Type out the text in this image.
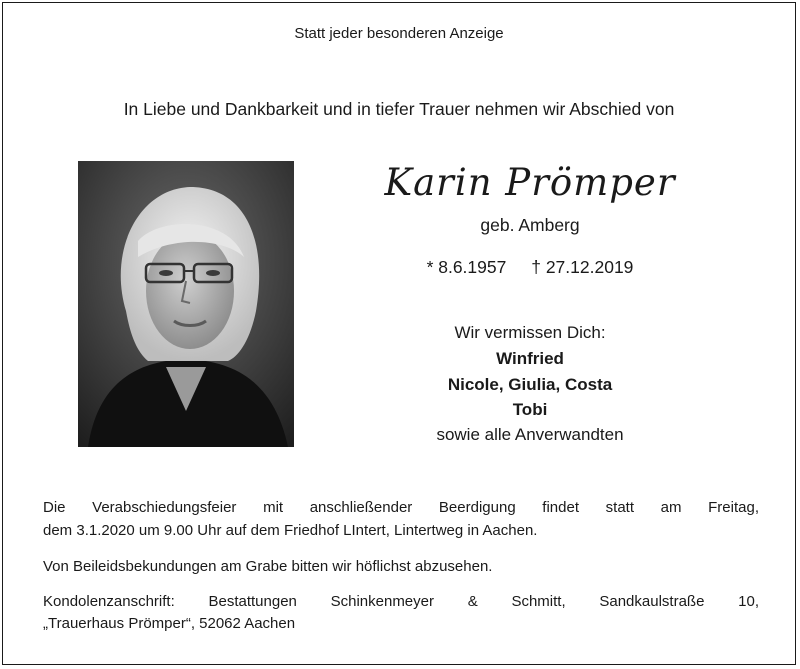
Statt jeder besonderen Anzeige
In Liebe und Dankbarkeit und in tiefer Trauer nehmen wir Abschied von
Karin Prömper
geb. Amberg
* 8.6.1957 † 27.12.2019
Wir vermissen Dich:
Winfried
Nicole, Giulia, Costa
Tobi
sowie alle Anverwandten
Die Verabschiedungsfeier mit anschließender Beerdigung findet statt am Freitag,
dem 3.1.2020 um 9.00 Uhr auf dem Friedhof LIntert, Lintertweg in Aachen.
Von Beileidsbekundungen am Grabe bitten wir höflichst abzusehen.
Kondolenzanschrift: Bestattungen Schinkenmeyer & Schmitt, Sandkaulstraße 10,
„Trauerhaus Prömper“, 52062 Aachen
